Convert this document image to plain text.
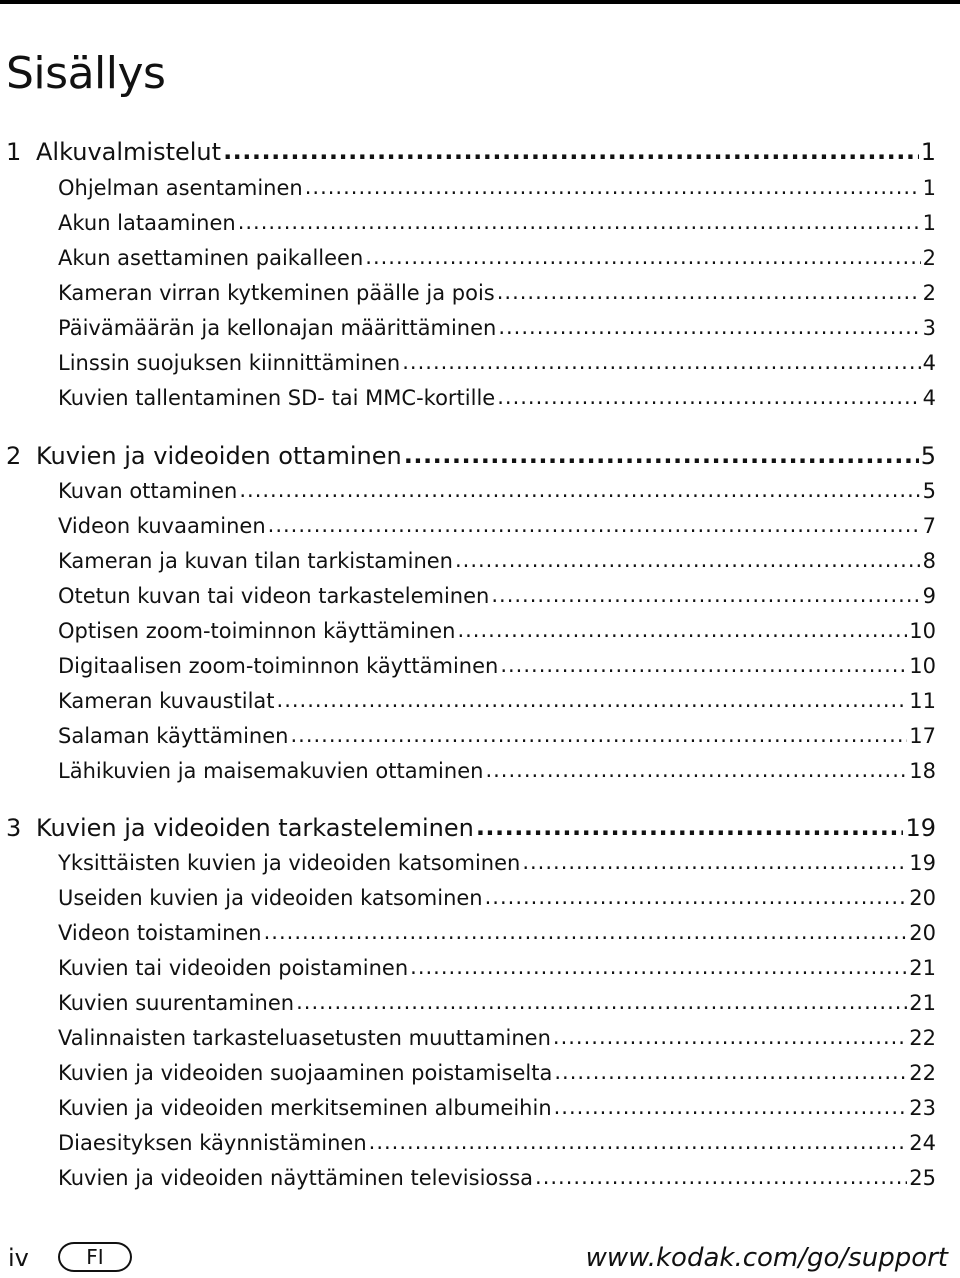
Sisällys
1 Alkuvalmistelut .....	1
Ohjelman asentaminen .....	1
Akun lataaminen .....	1
Akun asettaminen paikalleen .....	2
Kameran virran kytkeminen päälle ja pois .....	2
Päivämäärän ja kellonajan määrittäminen .....	3
Linssin suojuksen kiinnittäminen .....	4
Kuvien tallentaminen SD- tai MMC-kortille .....	4
2 Kuvien ja videoiden ottaminen .....	5
Kuvan ottaminen .....	5
Videon kuvaaminen .....	7
Kameran ja kuvan tilan tarkistaminen .....	8
Otetun kuvan tai videon tarkasteleminen .....	9
Optisen zoom-toiminnon käyttäminen .....	10
Digitaalisen zoom-toiminnon käyttäminen .....	10
Kameran kuvaustilat .....	11
Salaman käyttäminen .....	17
Lähikuvien ja maisemakuvien ottaminen .....	18
3 Kuvien ja videoiden tarkasteleminen .....	19
Yksittäisten kuvien ja videoiden katsominen .....	19
Useiden kuvien ja videoiden katsominen .....	20
Videon toistaminen .....	20
Kuvien tai videoiden poistaminen .....	21
Kuvien suurentaminen .....	21
Valinnaisten tarkasteluasetusten muuttaminen .....	22
Kuvien ja videoiden suojaaminen poistamiselta .....	22
Kuvien ja videoiden merkitseminen albumeihin .....	23
Diaesityksen käynnistäminen .....	24
Kuvien ja videoiden näyttäminen televisiossa .....	25
iv	FI	www.kodak.com/go/support
